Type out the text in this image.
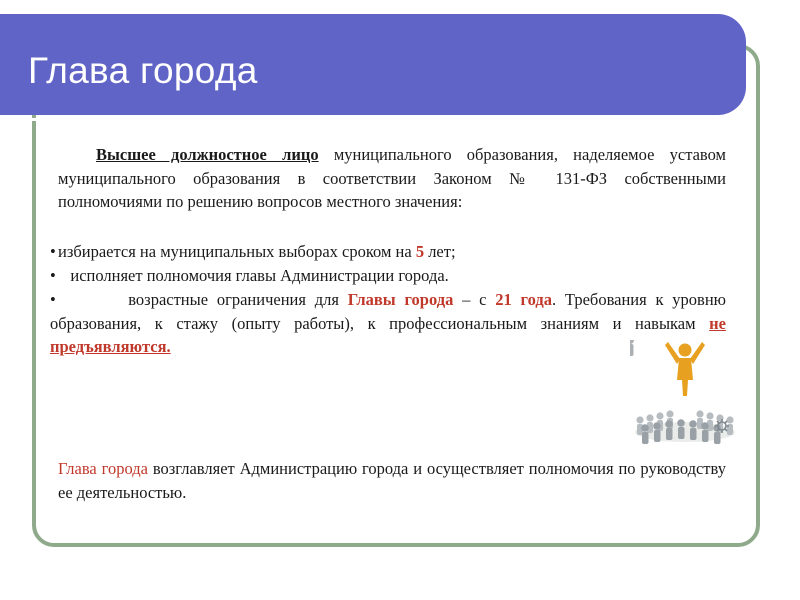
Глава города
Высшее должностное лицо муниципального образования, наделяемое уставом муниципального образования в соответствии Законом № 131-ФЗ собственными полномочиями по решению вопросов местного значения:
• избирается на муниципальных выборах сроком на 5 лет;
• исполняет полномочия главы Администрации города.
•	возрастные ограничения для Главы города – с 21 года. Требования к уровню образования, к стажу (опыту работы), к профессиональным знаниям и навыкам не предъявляются.
Глава города возглавляет Администрацию города и осуществляет полномочия по руководству ее деятельностью.
